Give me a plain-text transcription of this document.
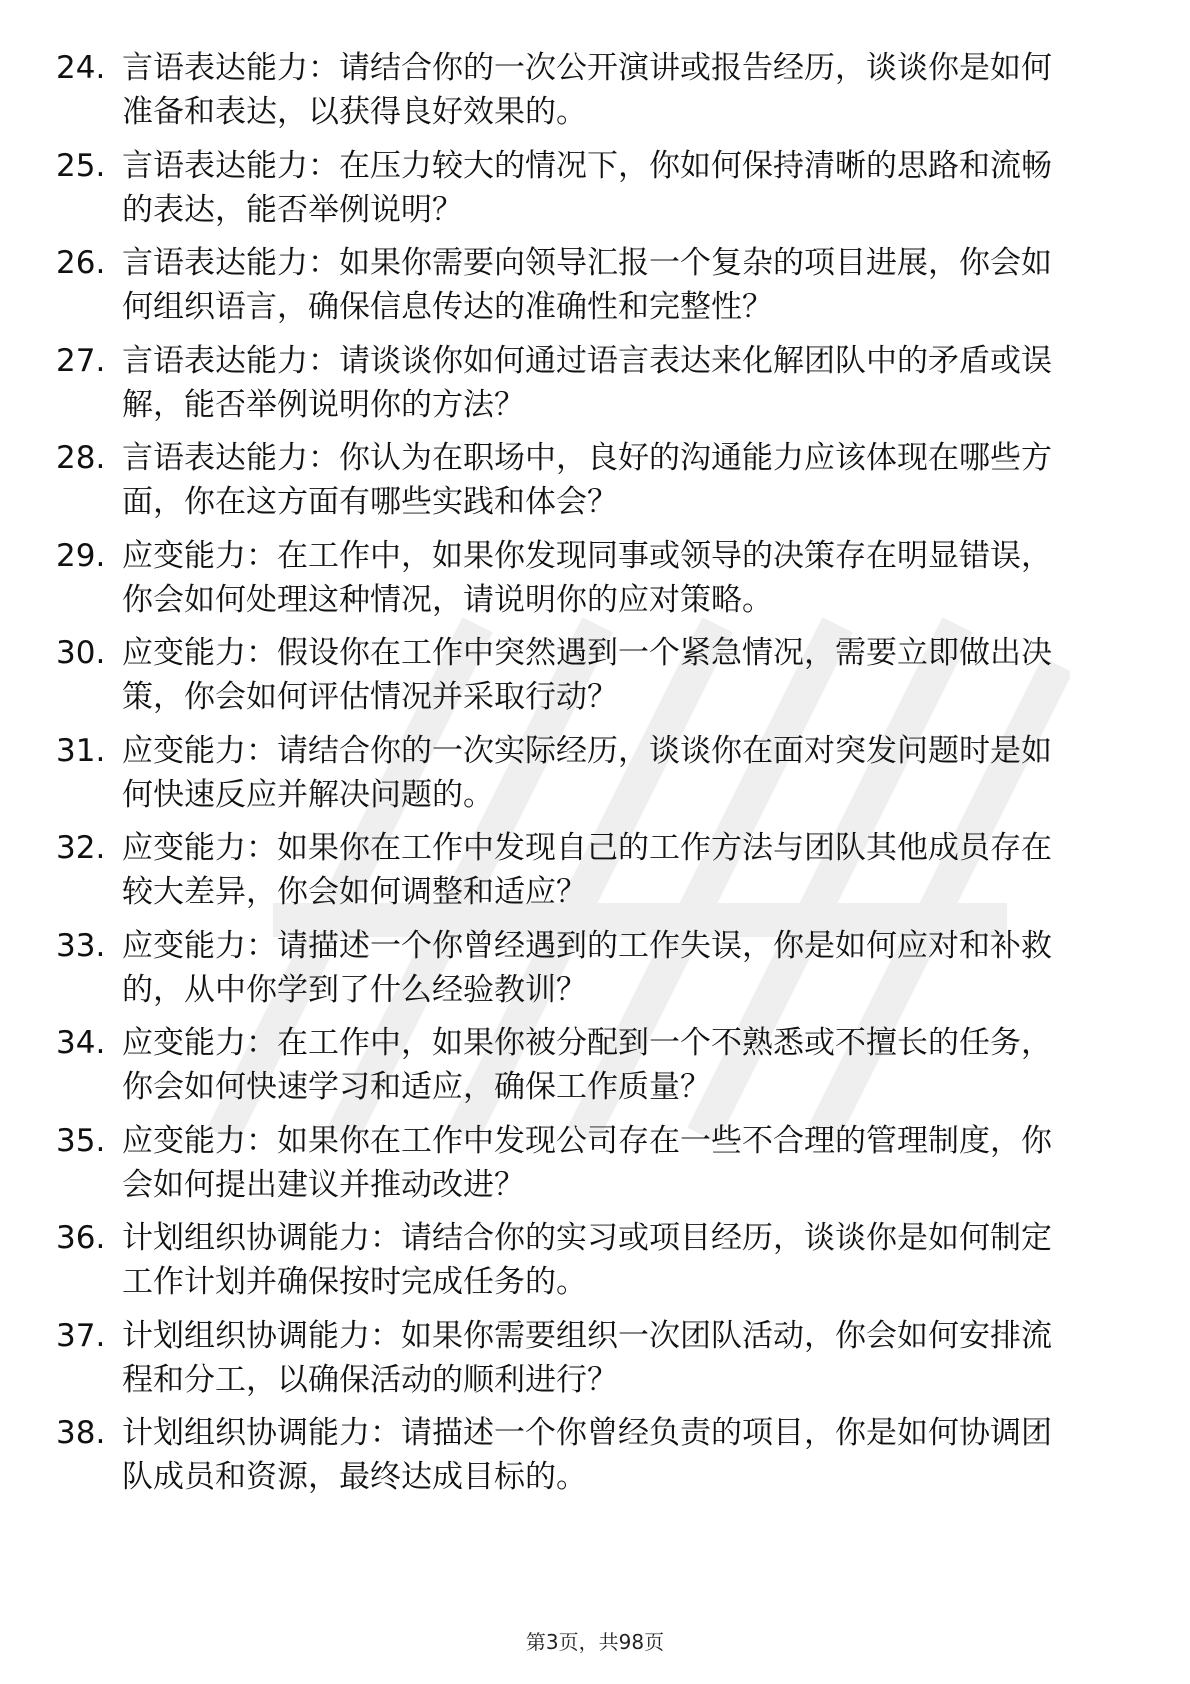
24. 言语表达能力：请结合你的一次公开演讲或报告经历，谈谈你是如何准备和表达，以获得良好效果的。
25. 言语表达能力：在压力较大的情况下，你如何保持清晰的思路和流畅的表达，能否举例说明？
26. 言语表达能力：如果你需要向领导汇报一个复杂的项目进展，你会如何组织语言，确保信息传达的准确性和完整性？
27. 言语表达能力：请谈谈你如何通过语言表达来化解团队中的矛盾或误解，能否举例说明你的方法？
28. 言语表达能力：你认为在职场中，良好的沟通能力应该体现在哪些方面，你在这方面有哪些实践和体会？
29. 应变能力：在工作中，如果你发现同事或领导的决策存在明显错误，你会如何处理这种情况，请说明你的应对策略。
30. 应变能力：假设你在工作中突然遇到一个紧急情况，需要立即做出决策，你会如何评估情况并采取行动？
31. 应变能力：请结合你的一次实际经历，谈谈你在面对突发问题时是如何快速反应并解决问题的。
32. 应变能力：如果你在工作中发现自己的工作方法与团队其他成员存在较大差异，你会如何调整和适应？
33. 应变能力：请描述一个你曾经遇到的工作失误，你是如何应对和补救的，从中你学到了什么经验教训？
34. 应变能力：在工作中，如果你被分配到一个不熟悉或不擅长的任务，你会如何快速学习和适应，确保工作质量？
35. 应变能力：如果你在工作中发现公司存在一些不合理的管理制度，你会如何提出建议并推动改进？
36. 计划组织协调能力：请结合你的实习或项目经历，谈谈你是如何制定工作计划并确保按时完成任务的。
37. 计划组织协调能力：如果你需要组织一次团队活动，你会如何安排流程和分工，以确保活动的顺利进行？
38. 计划组织协调能力：请描述一个你曾经负责的项目，你是如何协调团队成员和资源，最终达成目标的。
第3页，共98页
